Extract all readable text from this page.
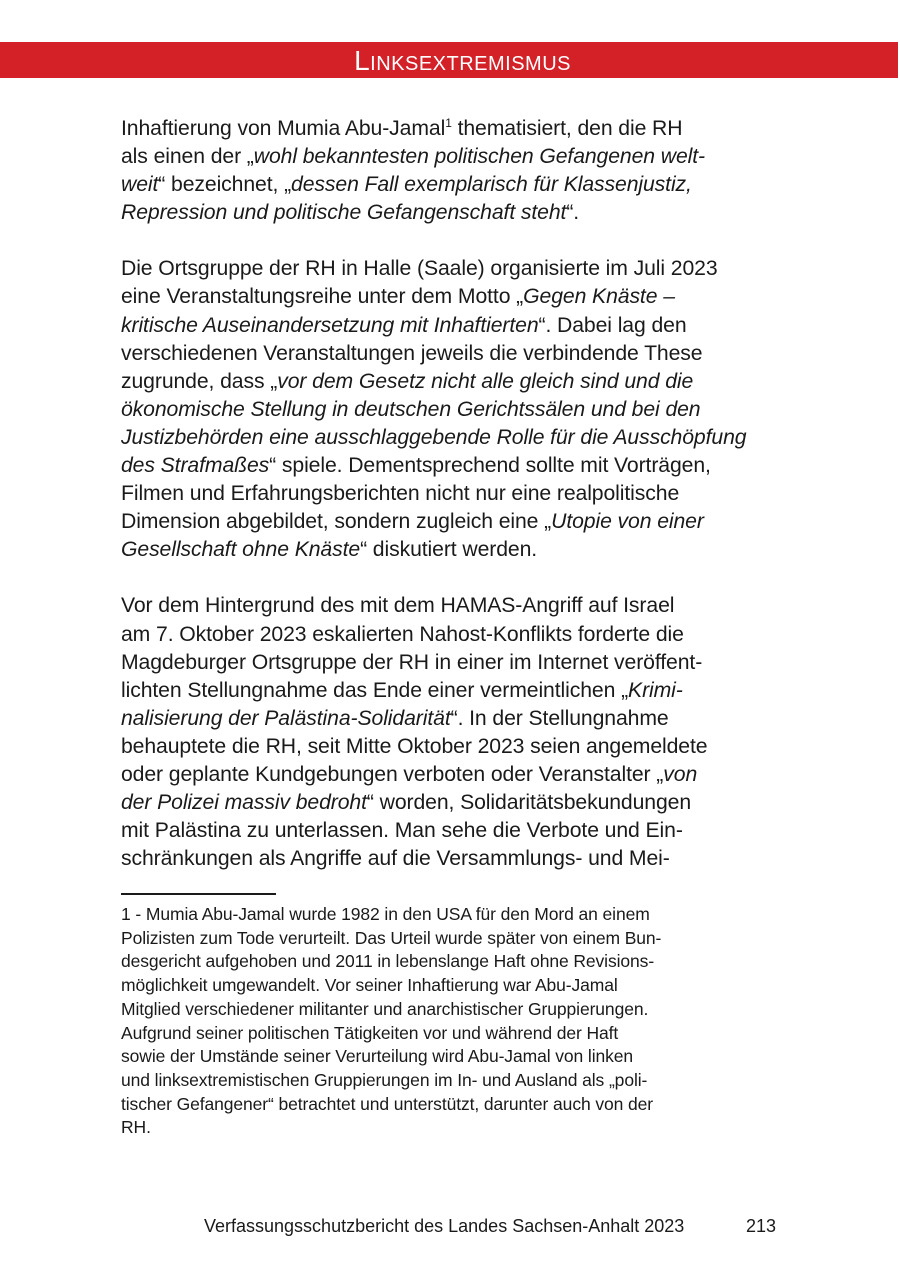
Linksextremismus
Inhaftierung von Mumia Abu-Jamal$^1$ thematisiert, den die RH
als einen der „wohl bekanntesten politischen Gefangenen welt-
weit“ bezeichnet, „dessen Fall exemplarisch für Klassenjustiz,
Repression und politische Gefangenschaft steht“.
Die Ortsgruppe der RH in Halle (Saale) organisierte im Juli 2023
eine Veranstaltungsreihe unter dem Motto „Gegen Knäste –
kritische Auseinandersetzung mit Inhaftierten“. Dabei lag den
verschiedenen Veranstaltungen jeweils die verbindende These
zugrunde, dass „vor dem Gesetz nicht alle gleich sind und die
ökonomische Stellung in deutschen Gerichtssälen und bei den
Justizbehörden eine ausschlaggebende Rolle für die Ausschöpfung
des Strafmaßes“ spiele. Dementsprechend sollte mit Vorträgen,
Filmen und Erfahrungsberichten nicht nur eine realpolitische
Dimension abgebildet, sondern zugleich eine „Utopie von einer
Gesellschaft ohne Knäste“ diskutiert werden.
Vor dem Hintergrund des mit dem HAMAS-Angriff auf Israel
am 7. Oktober 2023 eskalierten Nahost-Konflikts forderte die
Magdeburger Ortsgruppe der RH in einer im Internet veröffent-
lichten Stellungnahme das Ende einer vermeintlichen „Krimi-
nalisierung der Palästina-Solidarität“. In der Stellungnahme
behauptete die RH, seit Mitte Oktober 2023 seien angemeldete
oder geplante Kundgebungen verboten oder Veranstalter „von
der Polizei massiv bedroht“ worden, Solidaritätsbekundungen
mit Palästina zu unterlassen. Man sehe die Verbote und Ein-
schränkungen als Angriffe auf die Versammlungs- und Mei-
1 - Mumia Abu-Jamal wurde 1982 in den USA für den Mord an einem
Polizisten zum Tode verurteilt. Das Urteil wurde später von einem Bun-
desgericht aufgehoben und 2011 in lebenslange Haft ohne Revisions-
möglichkeit umgewandelt. Vor seiner Inhaftierung war Abu-Jamal
Mitglied verschiedener militanter und anarchistischer Gruppierungen.
Aufgrund seiner politischen Tätigkeiten vor und während der Haft
sowie der Umstände seiner Verurteilung wird Abu-Jamal von linken
und linksextremistischen Gruppierungen im In- und Ausland als „poli-
tischer Gefangener“ betrachtet und unterstützt, darunter auch von der
RH.
Verfassungsschutzbericht des Landes Sachsen-Anhalt 2023	213
